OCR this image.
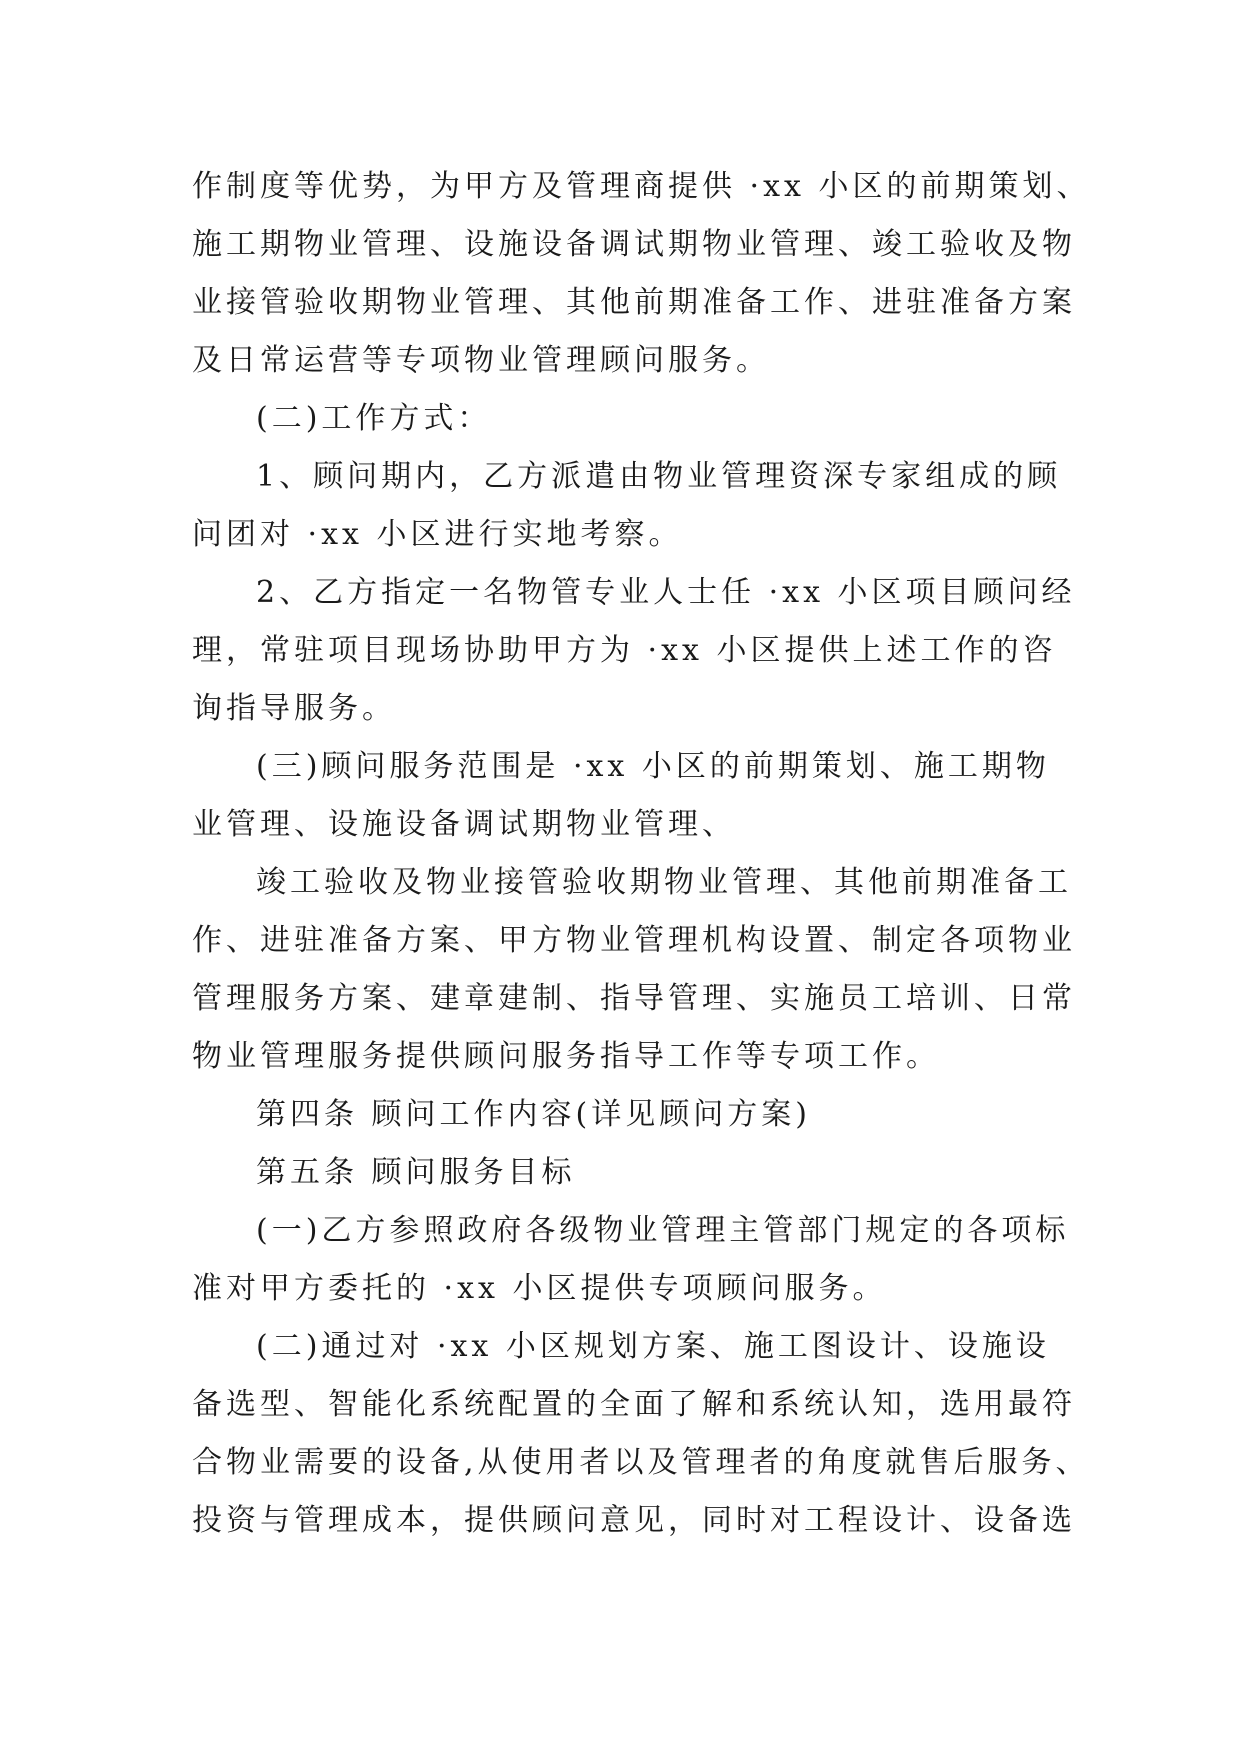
作制度等优势，为甲方及管理商提供 ·xx 小区的前期策划、
施工期物业管理、设施设备调试期物业管理、竣工验收及物
业接管验收期物业管理、其他前期准备工作、进驻准备方案
及日常运营等专项物业管理顾问服务。
(二)工作方式：
1、顾问期内，乙方派遣由物业管理资深专家组成的顾
问团对 ·xx 小区进行实地考察。
2、乙方指定一名物管专业人士任 ·xx 小区项目顾问经
理，常驻项目现场协助甲方为 ·xx 小区提供上述工作的咨
询指导服务。
(三)顾问服务范围是 ·xx 小区的前期策划、施工期物
业管理、设施设备调试期物业管理、
竣工验收及物业接管验收期物业管理、其他前期准备工
作、进驻准备方案、甲方物业管理机构设置、制定各项物业
管理服务方案、建章建制、指导管理、实施员工培训、日常
物业管理服务提供顾问服务指导工作等专项工作。
第四条 顾问工作内容(详见顾问方案)
第五条 顾问服务目标
(一)乙方参照政府各级物业管理主管部门规定的各项标
准对甲方委托的 ·xx 小区提供专项顾问服务。
(二)通过对 ·xx 小区规划方案、施工图设计、设施设
备选型、智能化系统配置的全面了解和系统认知，选用最符
合物业需要的设备,从使用者以及管理者的角度就售后服务、
投资与管理成本，提供顾问意见，同时对工程设计、设备选
